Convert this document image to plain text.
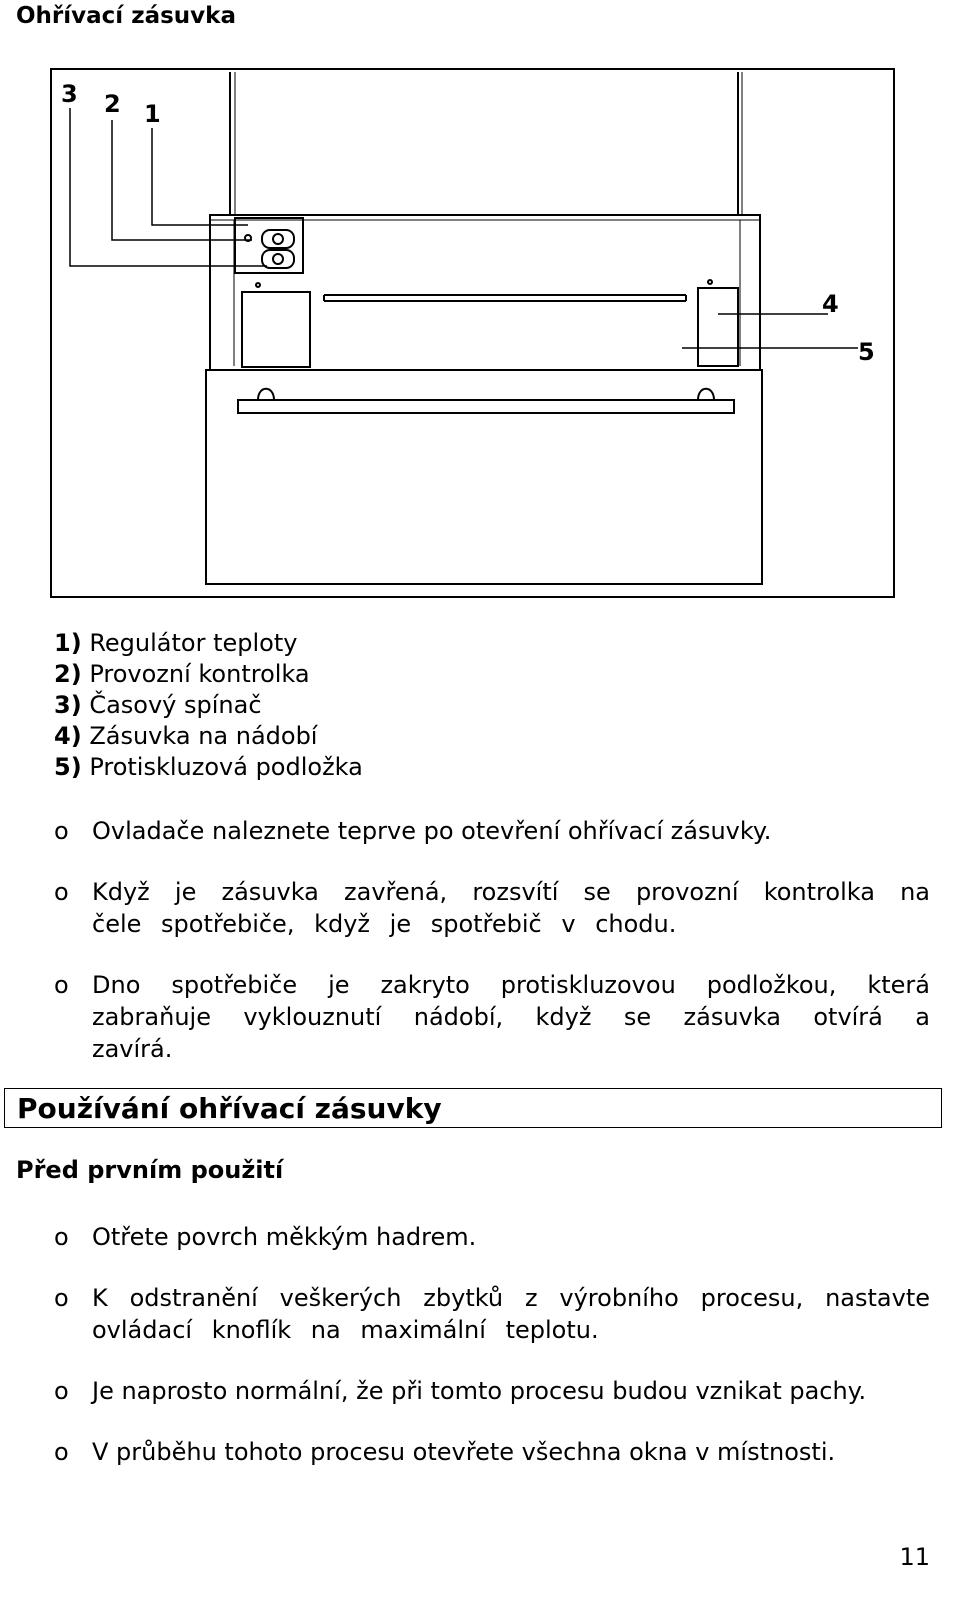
Ohřívací zásuvka
3 2 1
4
5
1) Regulátor teploty
2) Provozní kontrolka
3) Časový spínač
4) Zásuvka na nádobí
5) Protiskluzová podložka
o Ovladače naleznete teprve po otevření ohřívací zásuvky.
o Když je zásuvka zavřená, rozsvítí se provozní kontrolka na čele spotřebiče, když je spotřebič v chodu.
o Dno spotřebiče je zakryto protiskluzovou podložkou, která zabraňuje vyklouznutí nádobí, když se zásuvka otvírá a zavírá.
Používání ohřívací zásuvky
Před prvním použití
o Otřete povrch měkkým hadrem.
o K odstranění veškerých zbytků z výrobního procesu, nastavte ovládací knoflík na maximální teplotu.
o Je naprosto normální, že při tomto procesu budou vznikat pachy.
o V průběhu tohoto procesu otevřete všechna okna v místnosti.
11
